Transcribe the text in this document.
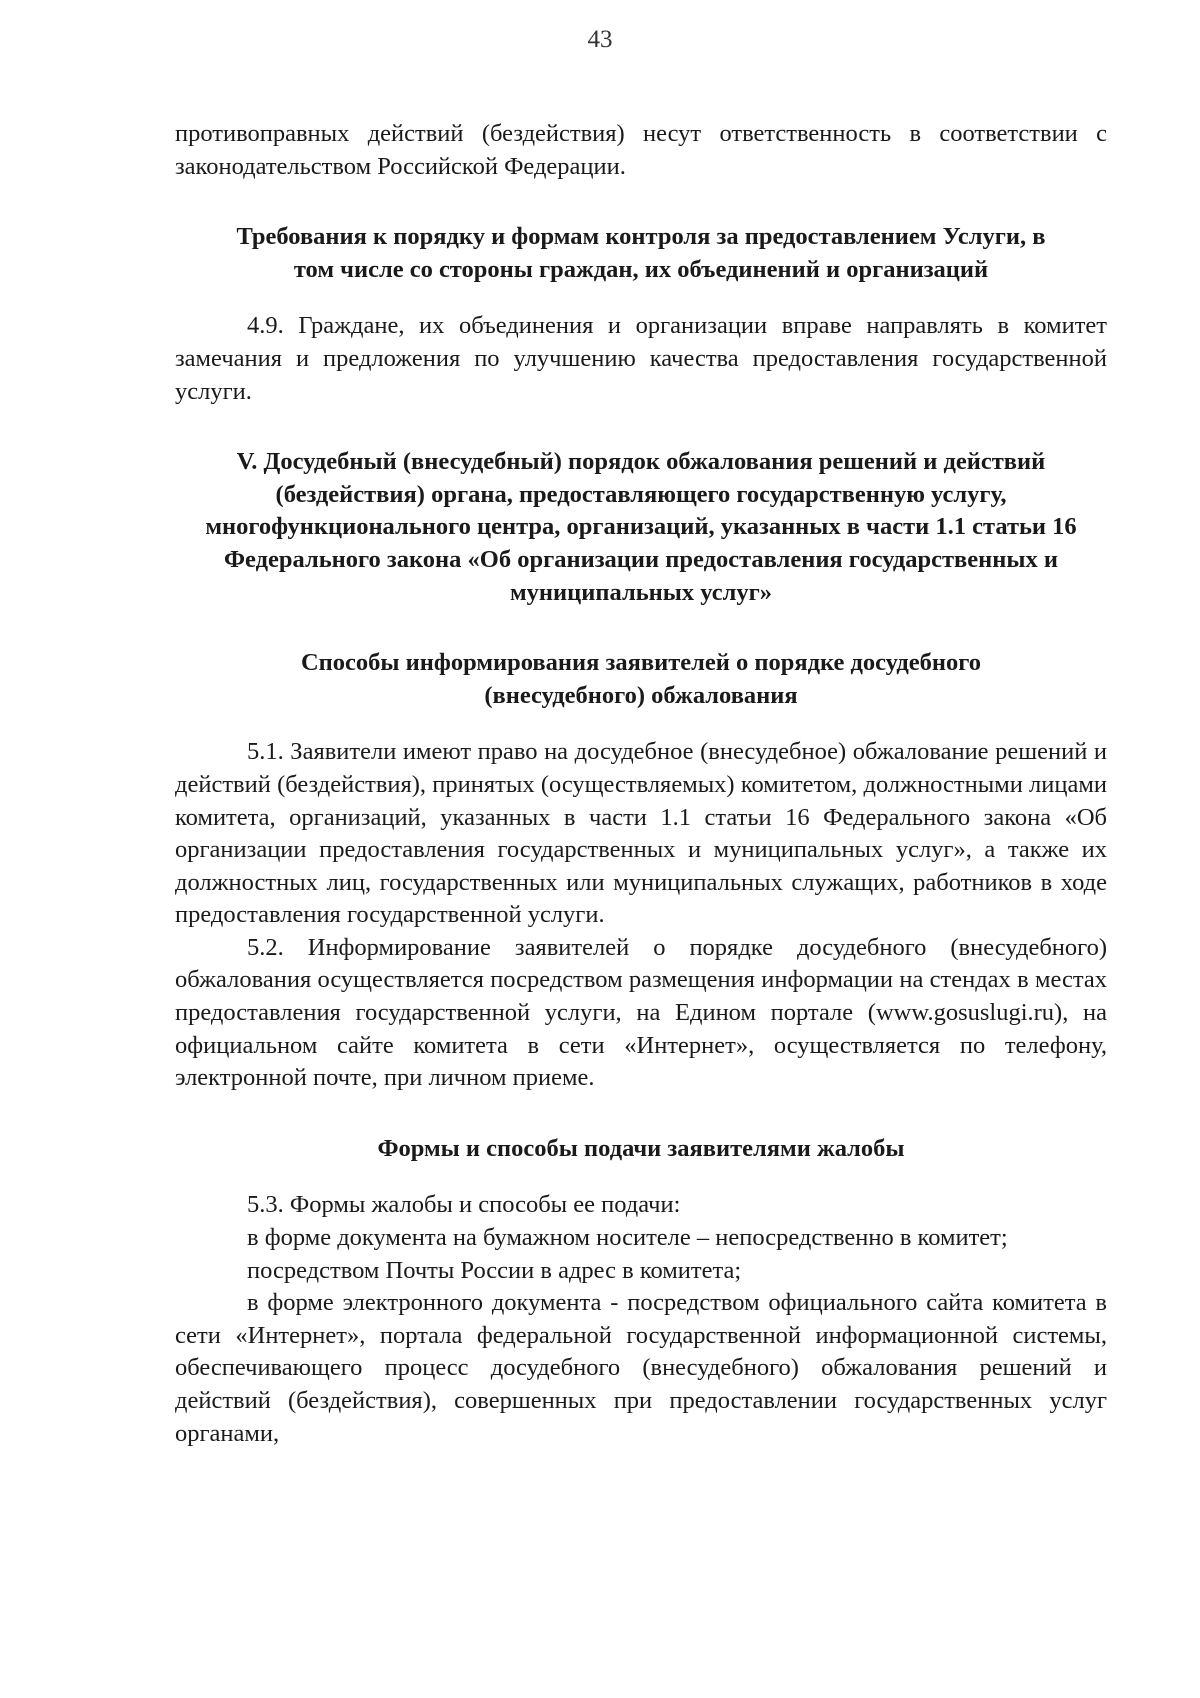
43

противоправных действий (бездействия) несут ответственность в соответствии с законодательством Российской Федерации.

Требования к порядку и формам контроля за предоставлением Услуги, в том числе со стороны граждан, их объединений и организаций

4.9. Граждане, их объединения и организации вправе направлять в комитет замечания и предложения по улучшению качества предоставления государственной услуги.

V. Досудебный (внесудебный) порядок обжалования решений и действий (бездействия) органа, предоставляющего государственную услугу, многофункционального центра, организаций, указанных в части 1.1 статьи 16 Федерального закона «Об организации предоставления государственных и муниципальных услуг»
Способы информирования заявителей о порядке досудебного (внесудебного) обжалования

5.1. Заявители имеют право на досудебное (внесудебное) обжалование решений и действий (бездействия), принятых (осуществляемых) комитетом, должностными лицами комитета, организаций, указанных в части 1.1 статьи 16 Федерального закона «Об организации предоставления государственных и муниципальных услуг», а также их должностных лиц, государственных или муниципальных служащих, работников в ходе предоставления государственной услуги.

5.2. Информирование заявителей о порядке досудебного (внесудебного) обжалования осуществляется посредством размещения информации на стендах в местах предоставления государственной услуги, на Едином портале (www.gosuslugi.ru), на официальном сайте комитета в сети «Интернет», осуществляется по телефону, электронной почте, при личном приеме.

Формы и способы подачи заявителями жалобы

5.3. Формы жалобы и способы ее подачи:

в форме документа на бумажном носителе – непосредственно в комитет;

посредством Почты России в адрес в комитета;

в форме электронного документа - посредством официального сайта комитета в сети «Интернет», портала федеральной государственной информационной системы, обеспечивающего процесс досудебного (внесудебного) обжалования решений и действий (бездействия), совершенных при предоставлении государственных услуг органами,
